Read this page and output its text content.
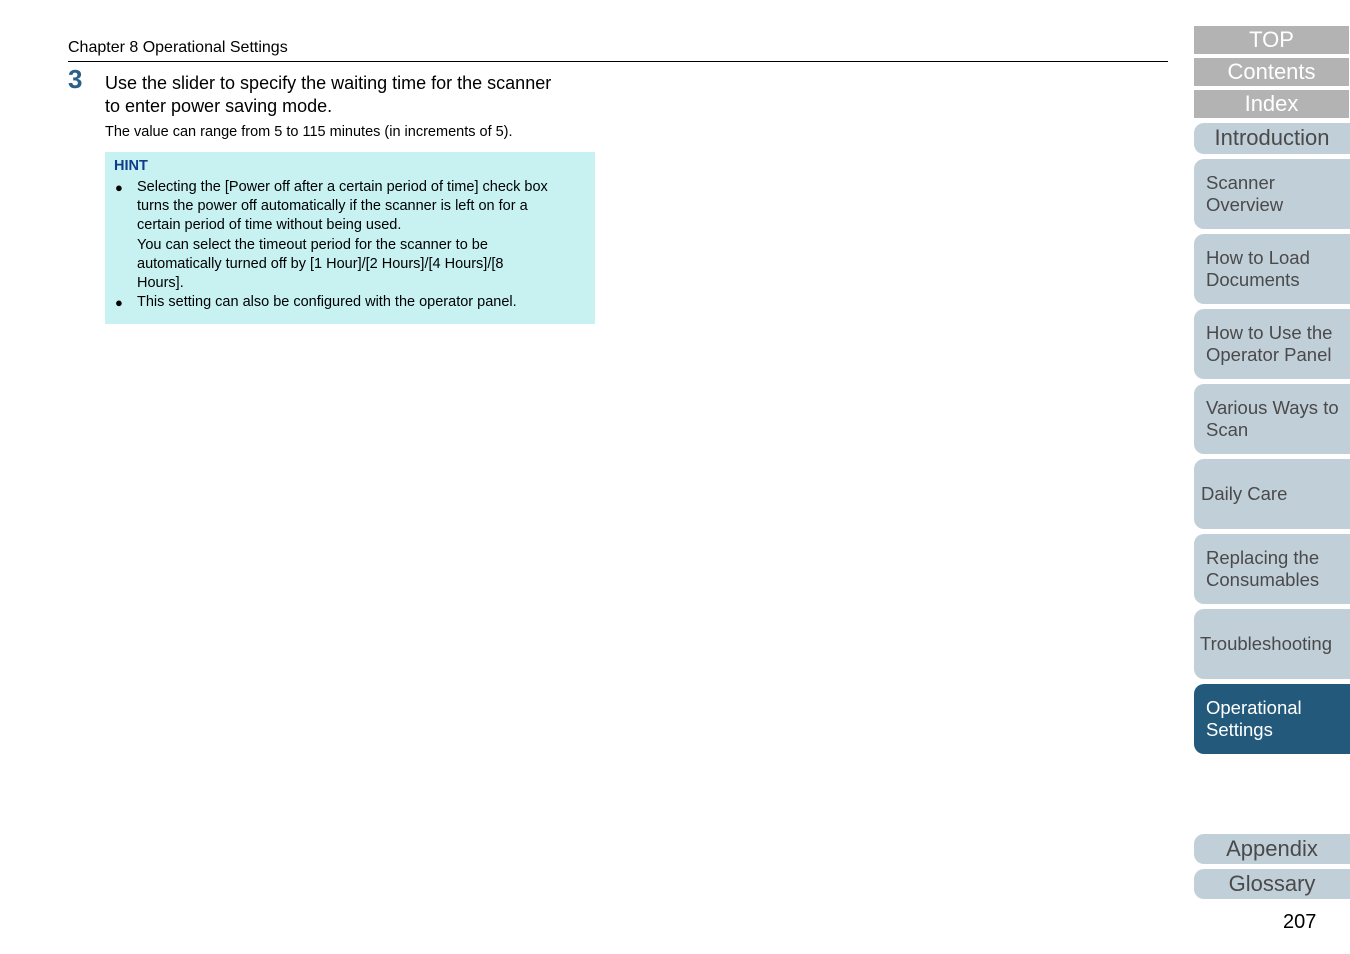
Chapter 8 Operational Settings
3 Use the slider to specify the waiting time for the scanner
to enter power saving mode.
The value can range from 5 to 115 minutes (in increments of 5).
HINT
● Selecting the [Power off after a certain period of time] check box
turns the power off automatically if the scanner is left on for a
certain period of time without being used.
You can select the timeout period for the scanner to be
automatically turned off by [1 Hour]/[2 Hours]/[4 Hours]/[8
Hours].
● This setting can also be configured with the operator panel.
TOP
Contents
Index
Introduction
Scanner
Overview
How to Load
Documents
How to Use the
Operator Panel
Various Ways to
Scan
Daily Care
Replacing the
Consumables
Troubleshooting
Operational
Settings
Appendix
Glossary
207
